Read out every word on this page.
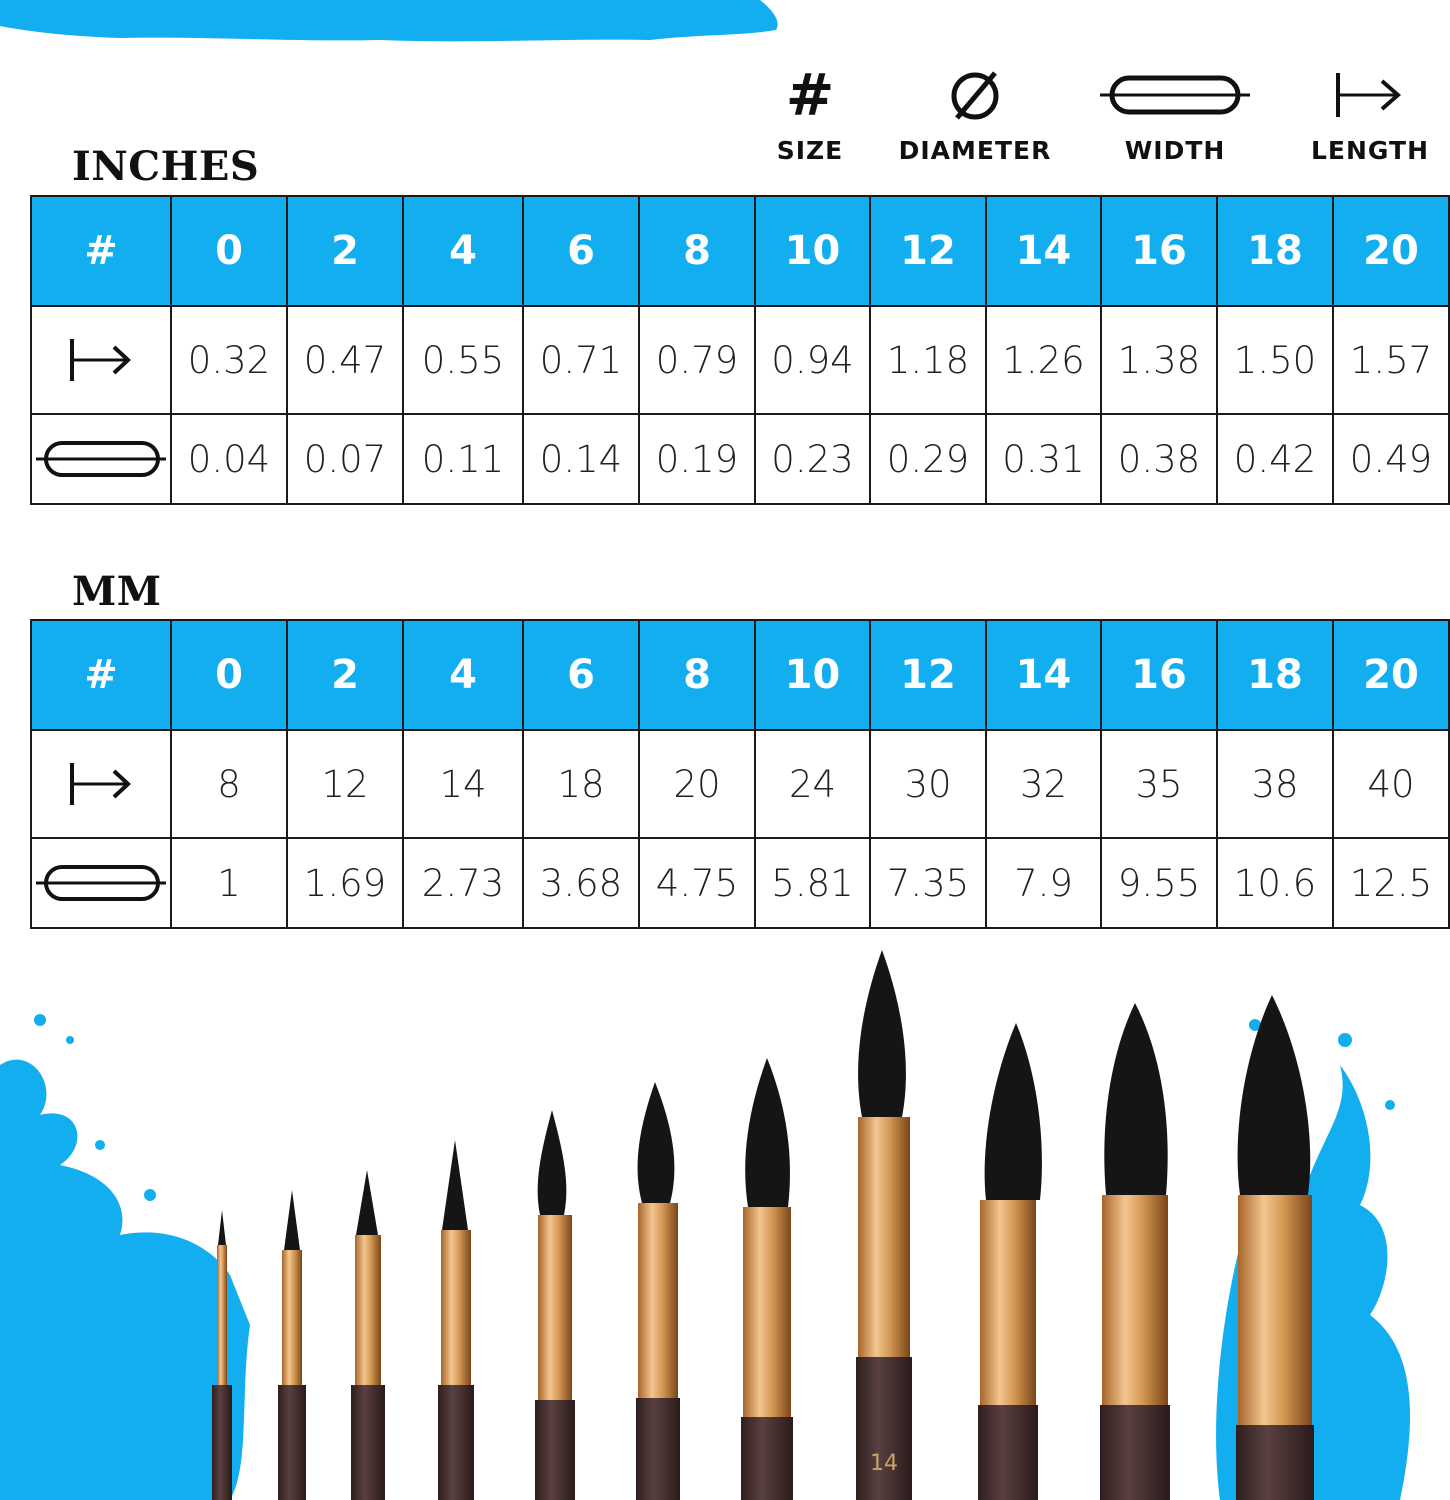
#
SIZE	DIAMETER	WIDTH	LENGTH
INCHES
#	0	2	4	6	8	10	12	14	16	18	20

	0.32	0.47	0.55	0.71	0.79	0.94	1.18	1.26	1.38	1.50	1.57

	0.04	0.07	0.11	0.14	0.19	0.23	0.29	0.31	0.38	0.42	0.49
MM
#	0	2	4	6	8	10	12	14	16	18	20

	8	12	14	18	20	24	30	32	35	38	40

	1	1.69	2.73	3.68	4.75	5.81	7.35	7.9	9.55	10.6	12.5
14
